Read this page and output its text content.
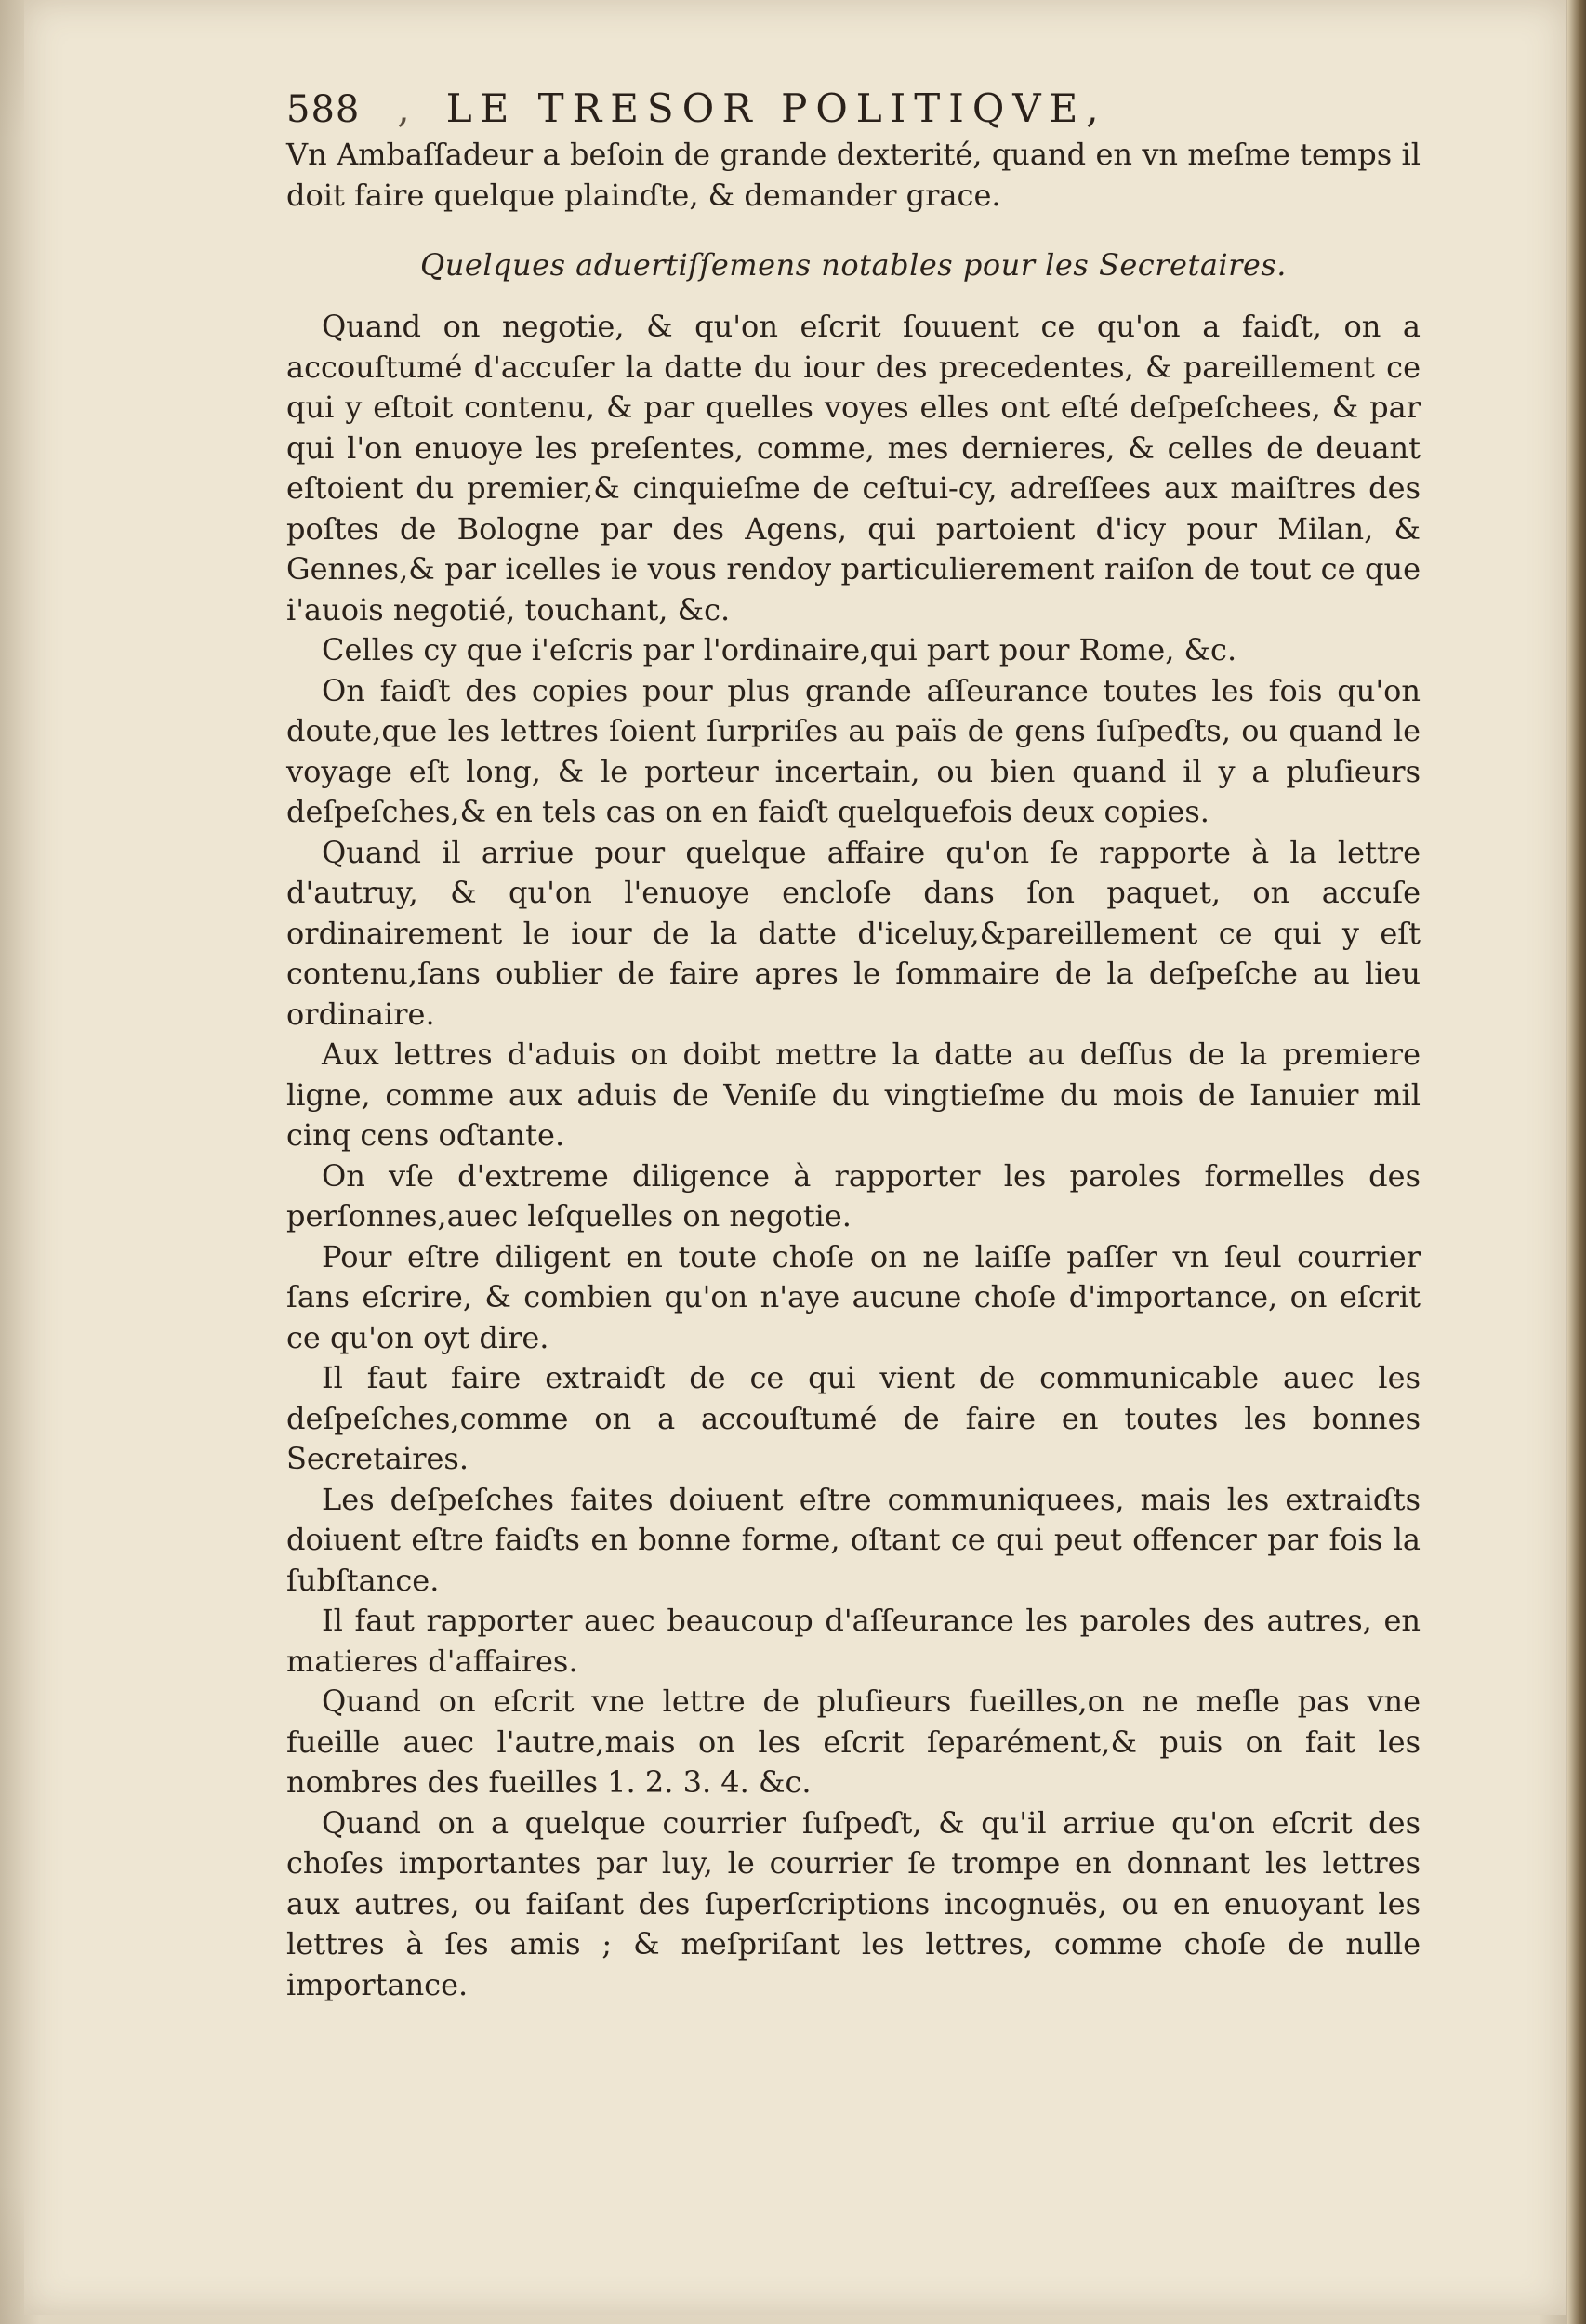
588 , LE TRESOR POLITIQVE,

Vn Ambaſſadeur a beſoin de grande dexterité, quand en vn meſme temps il doit faire quelque plainɗte, & demander grace.

Quelques aduertiſſemens notables pour les Secretaires.

Quand on negotie, & qu'on eſcrit ſouuent ce qu'on a faiɗt, on a accouſtumé d'accuſer la datte du iour des precedentes, & pareillement ce qui y eſtoit contenu, & par quelles voyes elles ont eſté deſpeſchees, & par qui l'on enuoye les preſentes, comme, mes dernieres, & celles de deuant eſtoient du premier,& cinquieſme de ceſtui-cy, adreſſees aux maiſtres des poſtes de Bologne par des Agens, qui partoient d'icy pour Milan, & Gennes,& par icelles ie vous rendoy particulierement raiſon de tout ce que i'auois negotié, touchant, &c.

Celles cy que i'eſcris par l'ordinaire,qui part pour Rome, &c.

On faiɗt des copies pour plus grande aſſeurance toutes les fois qu'on doute,que les lettres ſoient ſurpriſes au païs de gens ſuſpeɗts, ou quand le voyage eſt long, & le porteur incertain, ou bien quand il y a pluſieurs deſpeſches,& en tels cas on en faiɗt quelquefois deux copies.

Quand il arriue pour quelque affaire qu'on ſe rapporte à la lettre d'autruy, & qu'on l'enuoye encloſe dans ſon paquet, on accuſe ordinairement le iour de la datte d'iceluy,&pareillement ce qui y eſt contenu,ſans oublier de faire apres le ſommaire de la deſpeſche au lieu ordinaire.

Aux lettres d'aduis on doibt mettre la datte au deſſus de la premiere ligne, comme aux aduis de Veniſe du vingtieſme du mois de Ianuier mil cinq cens oɗtante.

On vſe d'extreme diligence à rapporter les paroles formelles des perſonnes,auec leſquelles on negotie.

Pour eſtre diligent en toute choſe on ne laiſſe paſſer vn ſeul courrier ſans eſcrire, & combien qu'on n'aye aucune choſe d'importance, on eſcrit ce qu'on oyt dire.

Il faut faire extraiɗt de ce qui vient de communicable auec les deſpeſches,comme on a accouſtumé de faire en toutes les bonnes Secretaires.

Les deſpeſches faites doiuent eſtre communiquees, mais les extraiɗts doiuent eſtre faiɗts en bonne forme, oſtant ce qui peut offencer par fois la ſubſtance.

Il faut rapporter auec beaucoup d'aſſeurance les paroles des autres, en matieres d'affaires.

Quand on eſcrit vne lettre de pluſieurs fueilles,on ne meſle pas vne fueille auec l'autre,mais on les eſcrit ſeparément,& puis on fait les nombres des fueilles 1. 2. 3. 4. &c.

Quand on a quelque courrier ſuſpeɗt, & qu'il arriue qu'on eſcrit des choſes importantes par luy, le courrier ſe trompe en donnant les lettres aux autres, ou faiſant des ſuperſcriptions incognuës, ou en enuoyant les lettres à ſes amis ; & meſpriſant les lettres, comme choſe de nulle importance.
